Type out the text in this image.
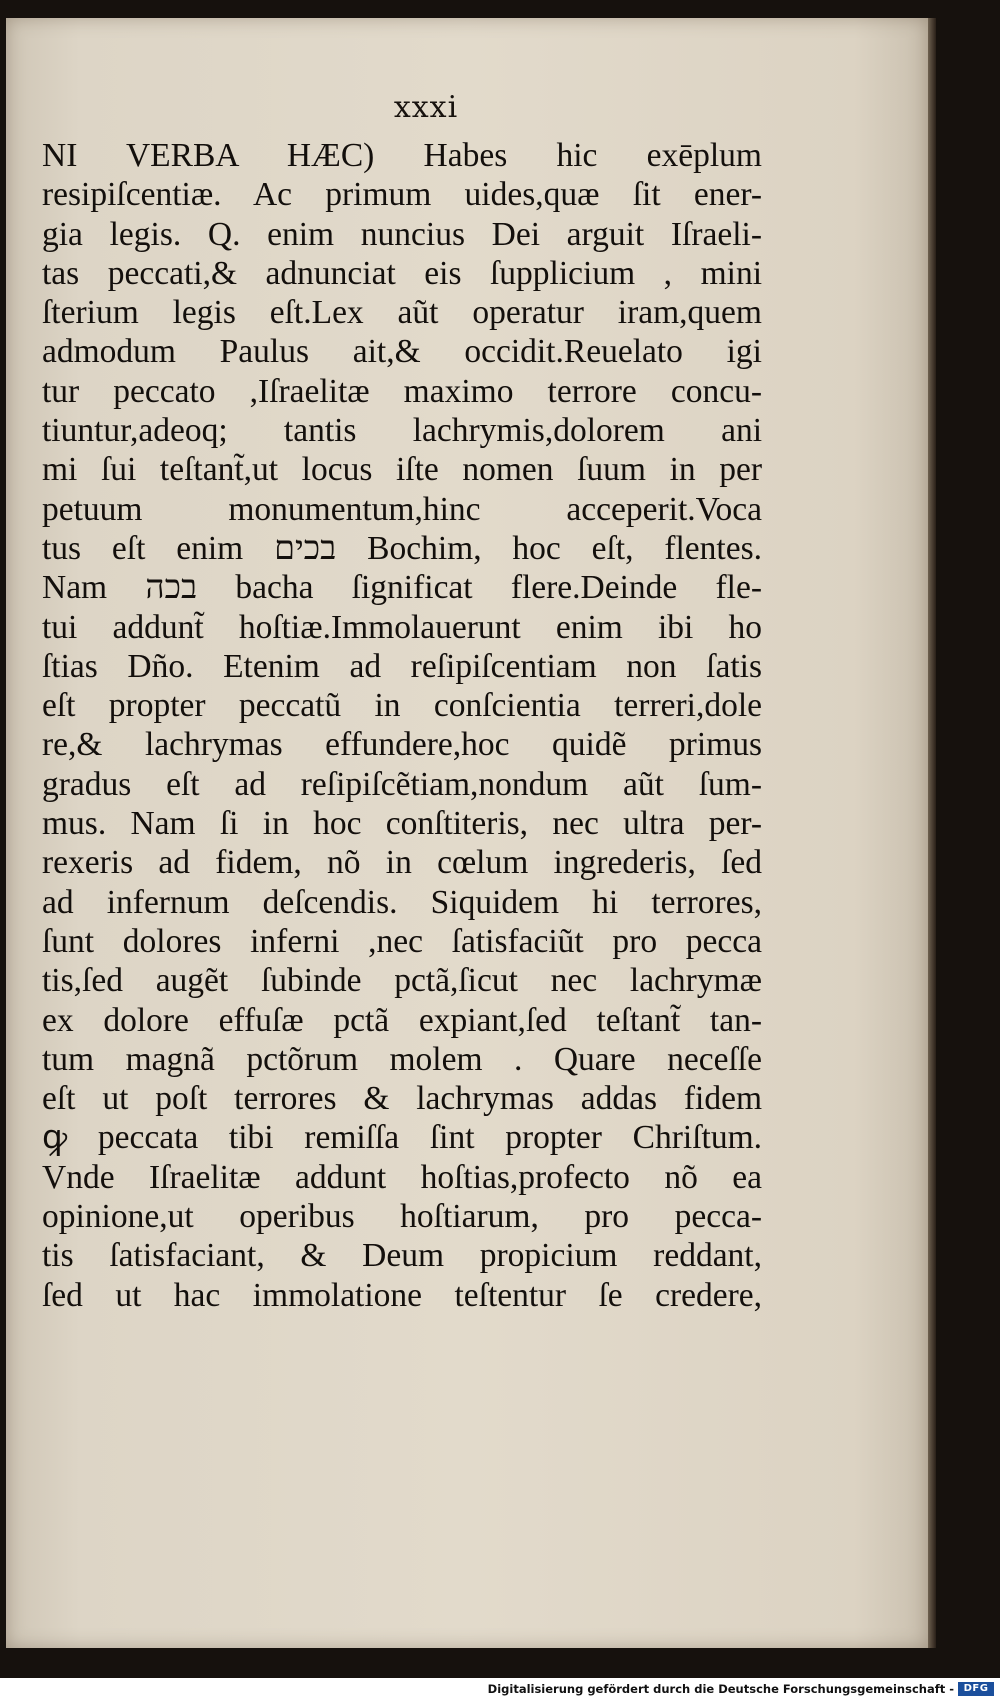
xxxi
NI VERBA HÆC) Habes hic exēplum
resipiſcentiæ. Ac primum uides,quæ ſit ener-
gia legis. Q. enim nuncius Dei arguit Iſraeli-
tas peccati,& adnunciat eis ſupplicium , mini
ſterium legis eſt.Lex aũt operatur iram,quem
admodum Paulus ait,& occidit.Reuelato igi
tur peccato ,Iſraelitæ maximo terrore concu-
tiuntur,adeoq; tantis lachrymis,dolorem ani
mi ſui teſtant̃,ut locus iſte nomen ſuum in per
petuum monumentum,hinc acceperit.Voca
tus eſt enim בכים Bochim, hoc eſt, flentes.
Nam בכה bacha ſignificat flere.Deinde fle-
tui addunt̃ hoſtiæ.Immolauerunt enim ibi ho
ſtias Dño. Etenim ad reſipiſcentiam non ſatis
eſt propter peccatũ in conſcientia terreri,dole
re,& lachrymas effundere,hoc quidẽ primus
gradus eſt ad reſipiſcẽtiam,nondum aũt ſum-
mus. Nam ſi in hoc conſtiteris, nec ultra per-
rexeris ad fidem, nõ in cœlum ingrederis, ſed
ad infernum deſcendis. Siquidem hi terrores,
ſunt dolores inferni ,nec ſatisfaciũt pro pecca
tis,ſed augẽt ſubinde pctã,ſicut nec lachrymæ
ex dolore effuſæ pctã expiant,ſed teſtant̃ tan-
tum magnã pctõrum molem . Quare neceſſe
eſt ut poſt terrores & lachrymas addas fidem
ꝙ peccata tibi remiſſa ſint propter Chriſtum.
Vnde Iſraelitæ addunt hoſtias,profecto nõ ea
opinione,ut operibus hoſtiarum, pro pecca-
tis ſatisfaciant, & Deum propicium reddant,
ſed ut hac immolatione teſtentur ſe credere,
Digitalisierung gefördert durch die Deutsche Forschungsgemeinschaft - DFG
